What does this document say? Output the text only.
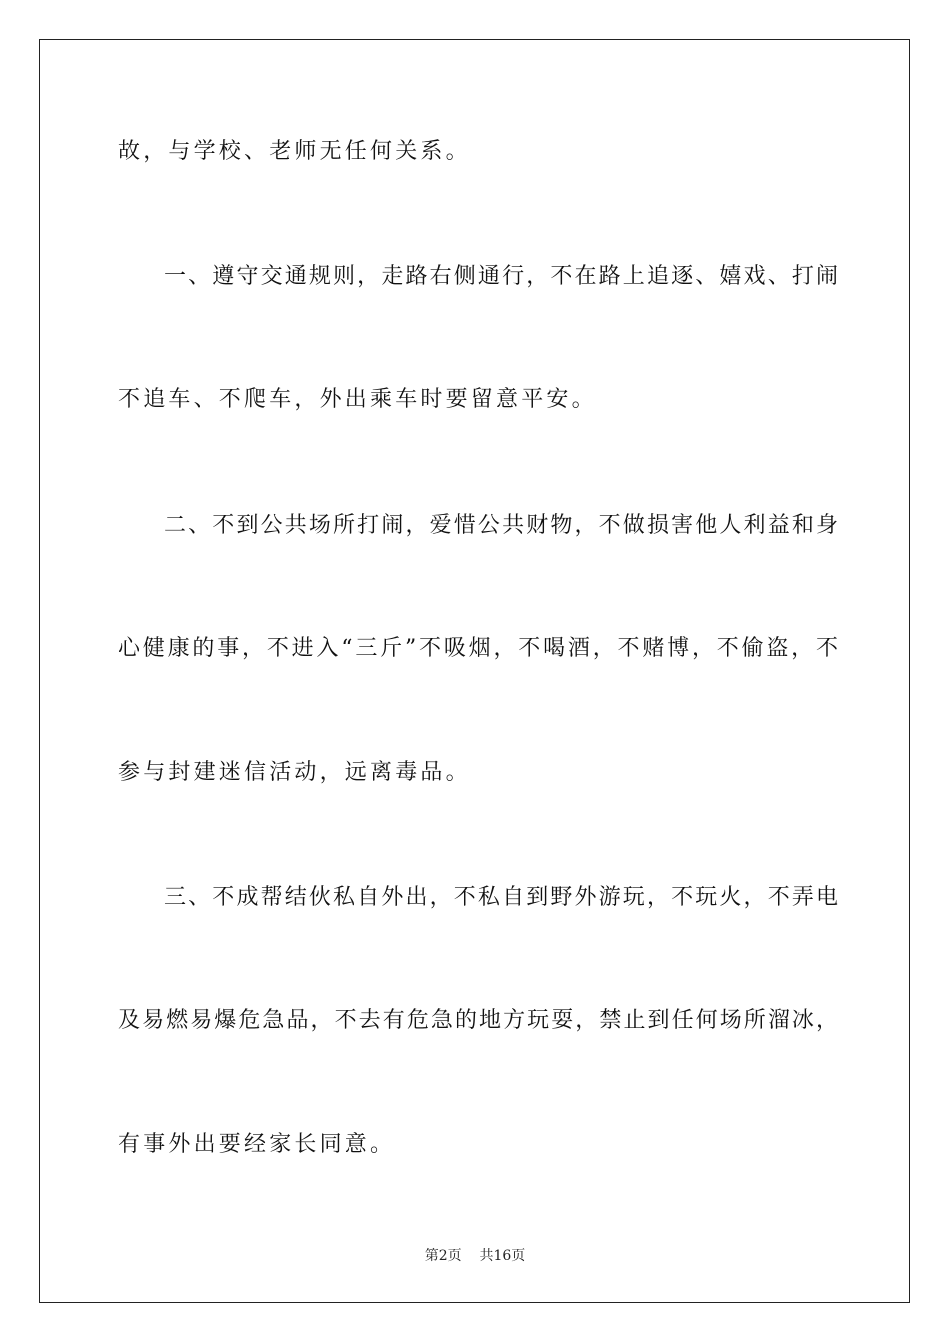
故，与学校、老师无任何关系。
一、遵守交通规则，走路右侧通行，不在路上追逐、嬉戏、打闹
不追车、不爬车，外出乘车时要留意平安。
二、不到公共场所打闹，爱惜公共财物，不做损害他人利益和身
心健康的事，不进入“三斤”不吸烟，不喝酒，不赌博，不偷盗，不
参与封建迷信活动，远离毒品。
三、不成帮结伙私自外出，不私自到野外游玩，不玩火，不弄电
及易燃易爆危急品，不去有危急的地方玩耍，禁止到任何场所溜冰，
有事外出要经家长同意。
第2页    共16页
